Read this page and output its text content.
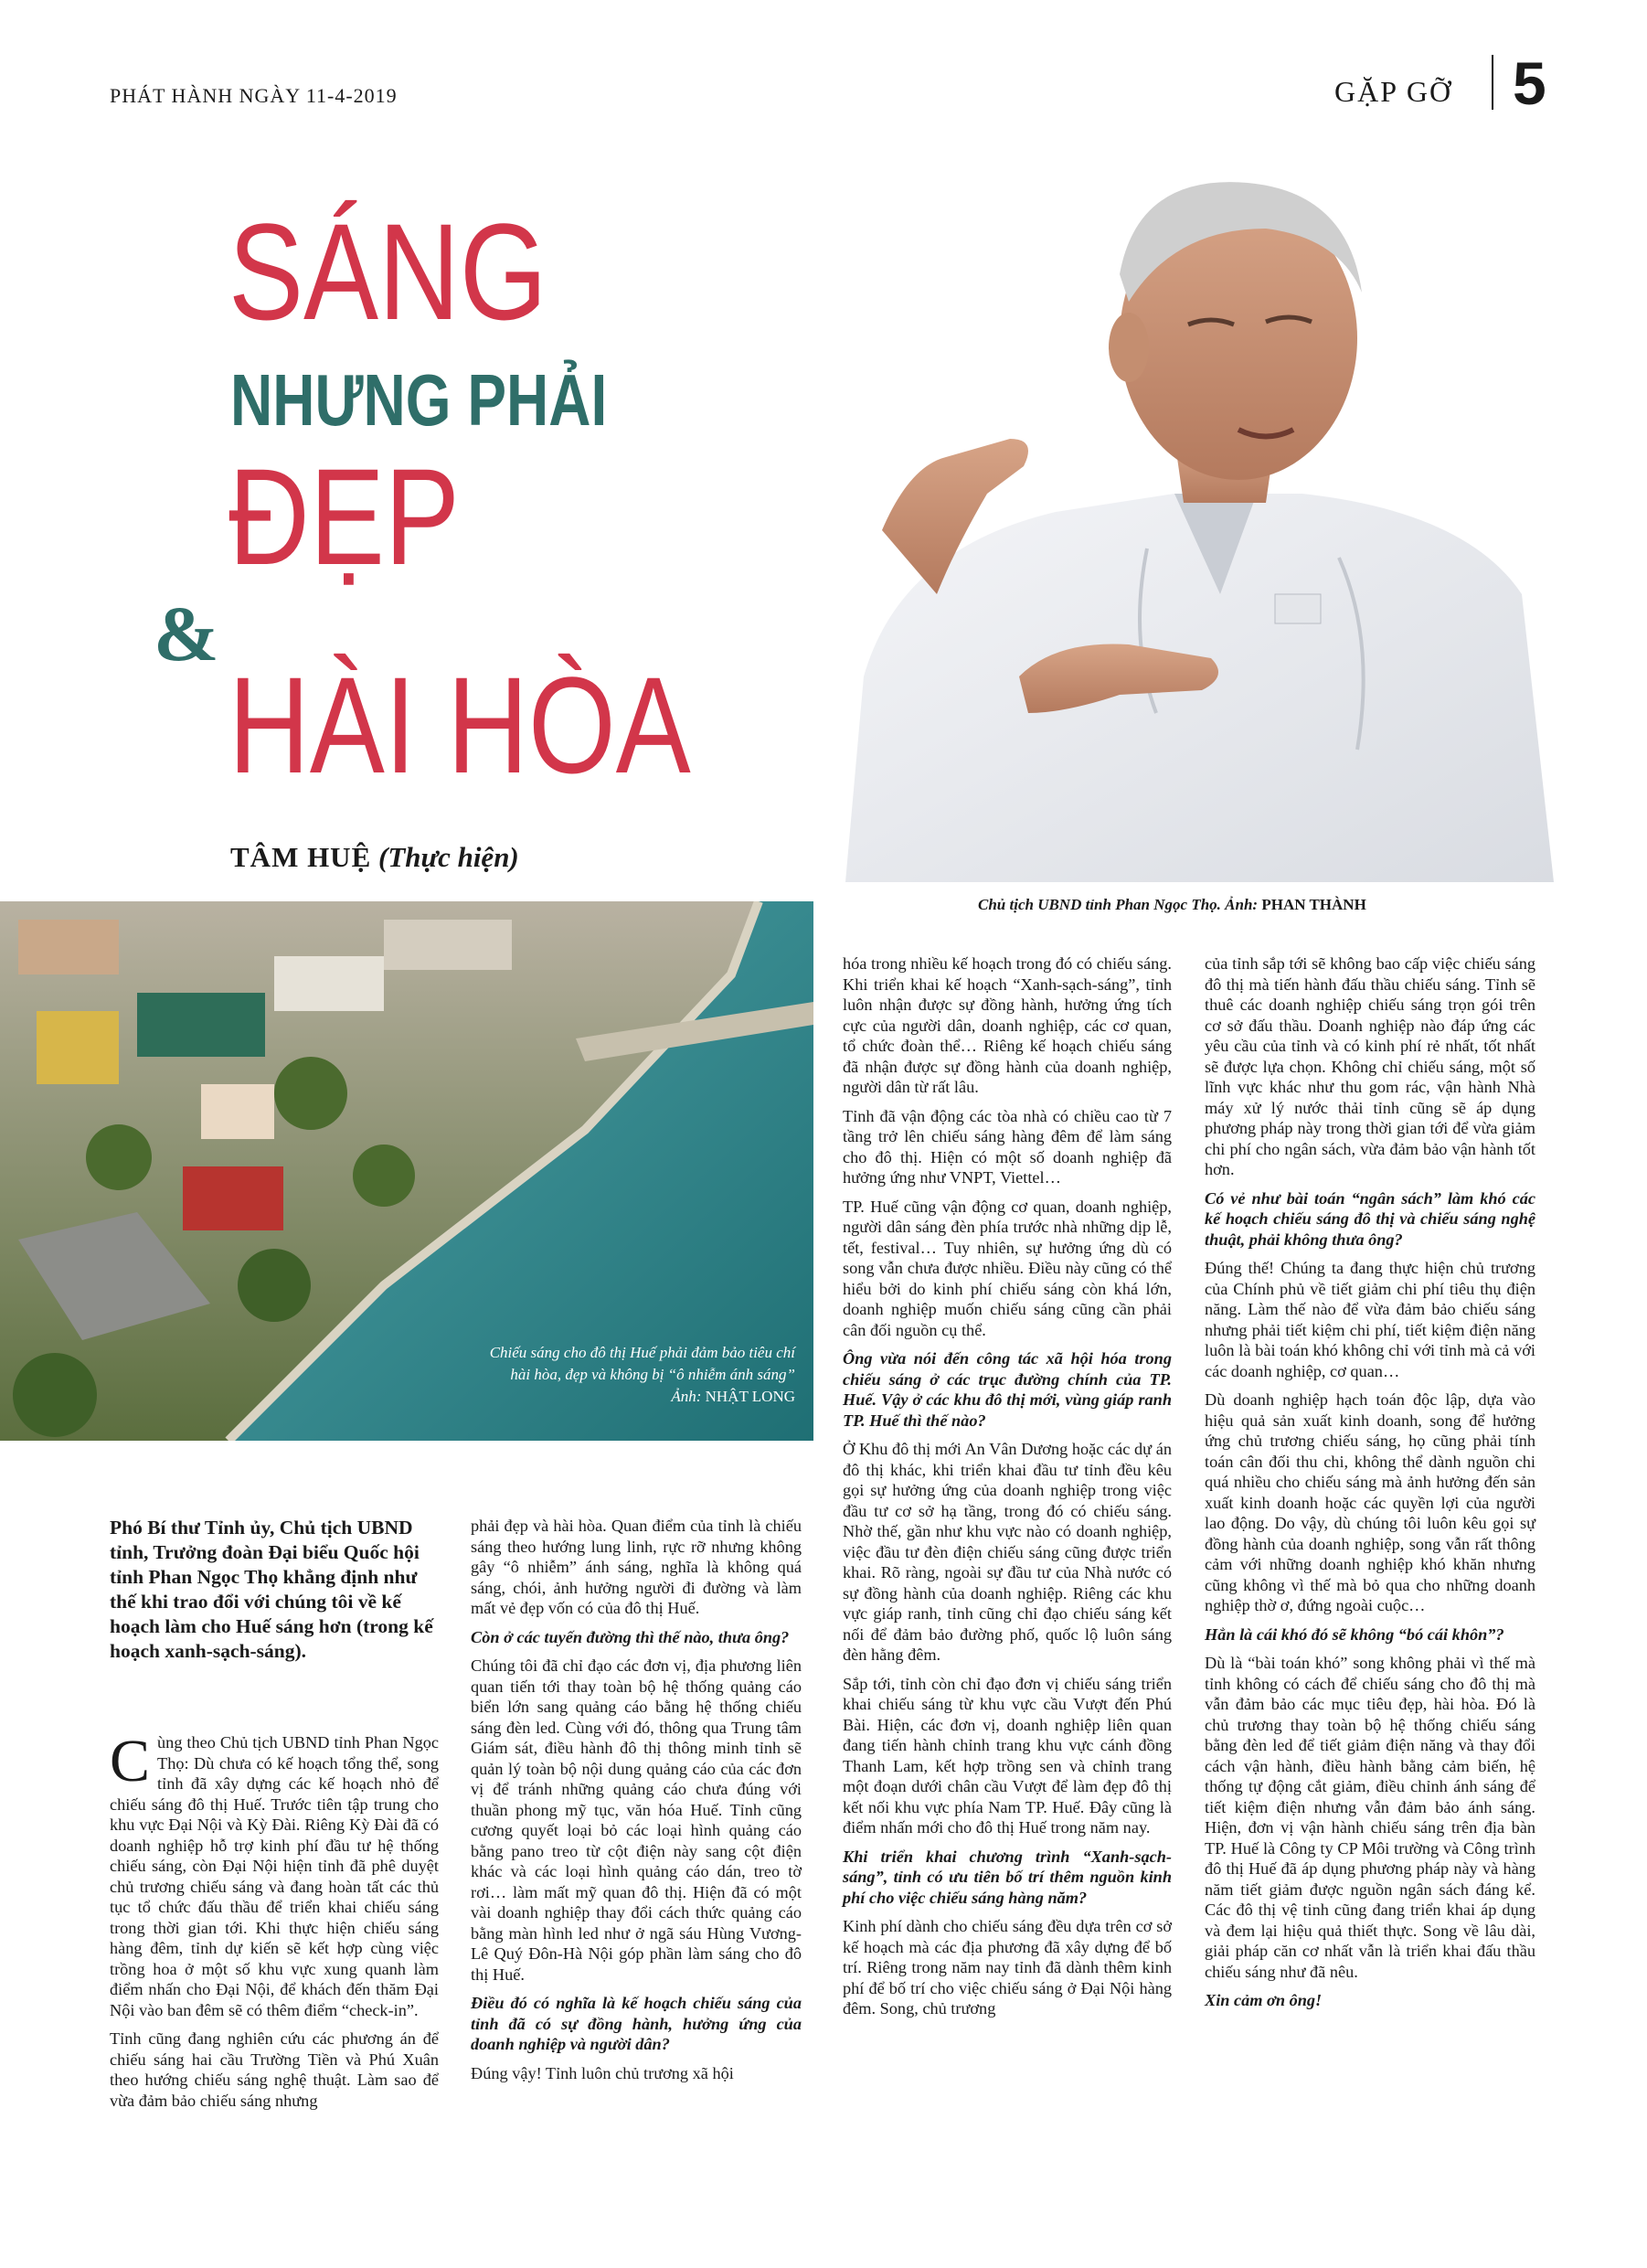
PHÁT HÀNH NGÀY 11-4-2019	GẶP GỠ 5
SÁNG
NHƯNG PHẢI
ĐẸP
&
HÀI HÒA
TÂM HUỆ (Thực hiện)
Chủ tịch UBND tỉnh Phan Ngọc Thọ. Ảnh: PHAN THÀNH
Chiếu sáng cho đô thị Huế phải đảm bảo tiêu chí
hài hòa, đẹp và không bị “ô nhiễm ánh sáng”
Ảnh: NHẬT LONG
Phó Bí thư Tỉnh ủy, Chủ tịch UBND tỉnh, Trưởng đoàn Đại biểu Quốc hội tỉnh Phan Ngọc Thọ khẳng định như thế khi trao đổi với chúng tôi về kế hoạch làm cho Huế sáng hơn (trong kế hoạch xanh-sạch-sáng).

Cùng theo Chủ tịch UBND tỉnh Phan Ngọc Thọ: Dù chưa có kế hoạch tổng thể, song tỉnh đã xây dựng các kế hoạch nhỏ để chiếu sáng đô thị Huế. Trước tiên tập trung cho khu vực Đại Nội và Kỳ Đài. Riêng Kỳ Đài đã có doanh nghiệp hỗ trợ kinh phí đầu tư hệ thống chiếu sáng, còn Đại Nội hiện tỉnh đã phê duyệt chủ trương chiếu sáng và đang hoàn tất các thủ tục tổ chức đấu thầu để triển khai chiếu sáng trong thời gian tới. Khi thực hiện chiếu sáng hàng đêm, tỉnh dự kiến sẽ kết hợp cùng việc trồng hoa ở một số khu vực xung quanh làm điểm nhấn cho Đại Nội, để khách đến thăm Đại Nội vào ban đêm sẽ có thêm điểm “check-in”.

Tỉnh cũng đang nghiên cứu các phương án để chiếu sáng hai cầu Trường Tiền và Phú Xuân theo hướng chiếu sáng nghệ thuật. Làm sao để vừa đảm bảo chiếu sáng nhưng

phải đẹp và hài hòa. Quan điểm của tỉnh là chiếu sáng theo hướng lung linh, rực rỡ nhưng không gây “ô nhiễm” ánh sáng, nghĩa là không quá sáng, chói, ảnh hưởng người đi đường và làm mất vẻ đẹp vốn có của đô thị Huế.

Còn ở các tuyến đường thì thế nào, thưa ông?

Chúng tôi đã chỉ đạo các đơn vị, địa phương liên quan tiến tới thay toàn bộ hệ thống quảng cáo biển lớn sang quảng cáo bằng hệ thống chiếu sáng đèn led. Cùng với đó, thông qua Trung tâm Giám sát, điều hành đô thị thông minh tỉnh sẽ quản lý toàn bộ nội dung quảng cáo của các đơn vị để tránh những quảng cáo chưa đúng với thuần phong mỹ tục, văn hóa Huế. Tỉnh cũng cương quyết loại bỏ các loại hình quảng cáo bằng pano treo từ cột điện này sang cột điện khác và các loại hình quảng cáo dán, treo tờ rơi… làm mất mỹ quan đô thị. Hiện đã có một vài doanh nghiệp thay đổi cách thức quảng cáo bằng màn hình led như ở ngã sáu Hùng Vương-Lê Quý Đôn-Hà Nội góp phần làm sáng cho đô thị Huế.

Điều đó có nghĩa là kế hoạch chiếu sáng của tỉnh đã có sự đồng hành, hưởng ứng của doanh nghiệp và người dân?

Đúng vậy! Tỉnh luôn chủ trương xã hội

hóa trong nhiều kế hoạch trong đó có chiếu sáng. Khi triển khai kế hoạch “Xanh-sạch-sáng”, tỉnh luôn nhận được sự đồng hành, hưởng ứng tích cực của người dân, doanh nghiệp, các cơ quan, tổ chức đoàn thể… Riêng kế hoạch chiếu sáng đã nhận được sự đồng hành của doanh nghiệp, người dân từ rất lâu.

Tỉnh đã vận động các tòa nhà có chiều cao từ 7 tầng trở lên chiếu sáng hàng đêm để làm sáng cho đô thị. Hiện có một số doanh nghiệp đã hưởng ứng như VNPT, Viettel…

TP. Huế cũng vận động cơ quan, doanh nghiệp, người dân sáng đèn phía trước nhà những dịp lễ, tết, festival… Tuy nhiên, sự hưởng ứng dù có song vẫn chưa được nhiều. Điều này cũng có thể hiểu bởi do kinh phí chiếu sáng còn khá lớn, doanh nghiệp muốn chiếu sáng cũng cần phải cân đối nguồn cụ thể.

Ông vừa nói đến công tác xã hội hóa trong chiếu sáng ở các trục đường chính của TP. Huế. Vậy ở các khu đô thị mới, vùng giáp ranh TP. Huế thì thế nào?

Ở Khu đô thị mới An Vân Dương hoặc các dự án đô thị khác, khi triển khai đầu tư tỉnh đều kêu gọi sự hưởng ứng của doanh nghiệp trong việc đầu tư cơ sở hạ tầng, trong đó có chiếu sáng. Nhờ thế, gần như khu vực nào có doanh nghiệp, việc đầu tư đèn điện chiếu sáng cũng được triển khai. Rõ ràng, ngoài sự đầu tư của Nhà nước có sự đồng hành của doanh nghiệp. Riêng các khu vực giáp ranh, tỉnh cũng chỉ đạo chiếu sáng kết nối để đảm bảo đường phố, quốc lộ luôn sáng đèn hằng đêm.

Sắp tới, tỉnh còn chỉ đạo đơn vị chiếu sáng triển khai chiếu sáng từ khu vực cầu Vượt đến Phú Bài. Hiện, các đơn vị, doanh nghiệp liên quan đang tiến hành chỉnh trang khu vực cánh đồng Thanh Lam, kết hợp trồng sen và chỉnh trang một đoạn dưới chân cầu Vượt để làm đẹp đô thị kết nối khu vực phía Nam TP. Huế. Đây cũng là điểm nhấn mới cho đô thị Huế trong năm nay.

Khi triển khai chương trình “Xanh-sạch-sáng”, tỉnh có ưu tiên bố trí thêm nguồn kinh phí cho việc chiếu sáng hàng năm?

Kinh phí dành cho chiếu sáng đều dựa trên cơ sở kế hoạch mà các địa phương đã xây dựng để bố trí. Riêng trong năm nay tỉnh đã dành thêm kinh phí để bố trí cho việc chiếu sáng ở Đại Nội hàng đêm. Song, chủ trương

của tỉnh sắp tới sẽ không bao cấp việc chiếu sáng đô thị mà tiến hành đấu thầu chiếu sáng. Tỉnh sẽ thuê các doanh nghiệp chiếu sáng trọn gói trên cơ sở đấu thầu. Doanh nghiệp nào đáp ứng các yêu cầu của tỉnh và có kinh phí rẻ nhất, tốt nhất sẽ được lựa chọn. Không chỉ chiếu sáng, một số lĩnh vực khác như thu gom rác, vận hành Nhà máy xử lý nước thải tỉnh cũng sẽ áp dụng phương pháp này trong thời gian tới để vừa giảm chi phí cho ngân sách, vừa đảm bảo vận hành tốt hơn.

Có vẻ như bài toán “ngân sách” làm khó các kế hoạch chiếu sáng đô thị và chiếu sáng nghệ thuật, phải không thưa ông?

Đúng thế! Chúng ta đang thực hiện chủ trương của Chính phủ về tiết giảm chi phí tiêu thụ điện năng. Làm thế nào để vừa đảm bảo chiếu sáng nhưng phải tiết kiệm chi phí, tiết kiệm điện năng luôn là bài toán khó không chỉ với tỉnh mà cả với các doanh nghiệp, cơ quan…

Dù doanh nghiệp hạch toán độc lập, dựa vào hiệu quả sản xuất kinh doanh, song để hưởng ứng chủ trương chiếu sáng, họ cũng phải tính toán cân đối thu chi, không thể dành nguồn chi quá nhiều cho chiếu sáng mà ảnh hưởng đến sản xuất kinh doanh hoặc các quyền lợi của người lao động. Do vậy, dù chúng tôi luôn kêu gọi sự đồng hành của doanh nghiệp, song vẫn rất thông cảm với những doanh nghiệp khó khăn nhưng cũng không vì thế mà bỏ qua cho những doanh nghiệp thờ ơ, đứng ngoài cuộc…

Hẳn là cái khó đó sẽ không “bó cái khôn”?

Dù là “bài toán khó” song không phải vì thế mà tỉnh không có cách để chiếu sáng cho đô thị mà vẫn đảm bảo các mục tiêu đẹp, hài hòa. Đó là chủ trương thay toàn bộ hệ thống chiếu sáng bằng đèn led để tiết giảm điện năng và thay đổi cách vận hành, điều hành bằng cảm biến, hệ thống tự động cắt giảm, điều chỉnh ánh sáng để tiết kiệm điện nhưng vẫn đảm bảo ánh sáng. Hiện, đơn vị vận hành chiếu sáng trên địa bàn TP. Huế là Công ty CP Môi trường và Công trình đô thị Huế đã áp dụng phương pháp này và hàng năm tiết giảm được nguồn ngân sách đáng kể. Các đô thị vệ tinh cũng đang triển khai áp dụng và đem lại hiệu quả thiết thực. Song về lâu dài, giải pháp căn cơ nhất vẫn là triển khai đấu thầu chiếu sáng như đã nêu.

Xin cảm ơn ông!
